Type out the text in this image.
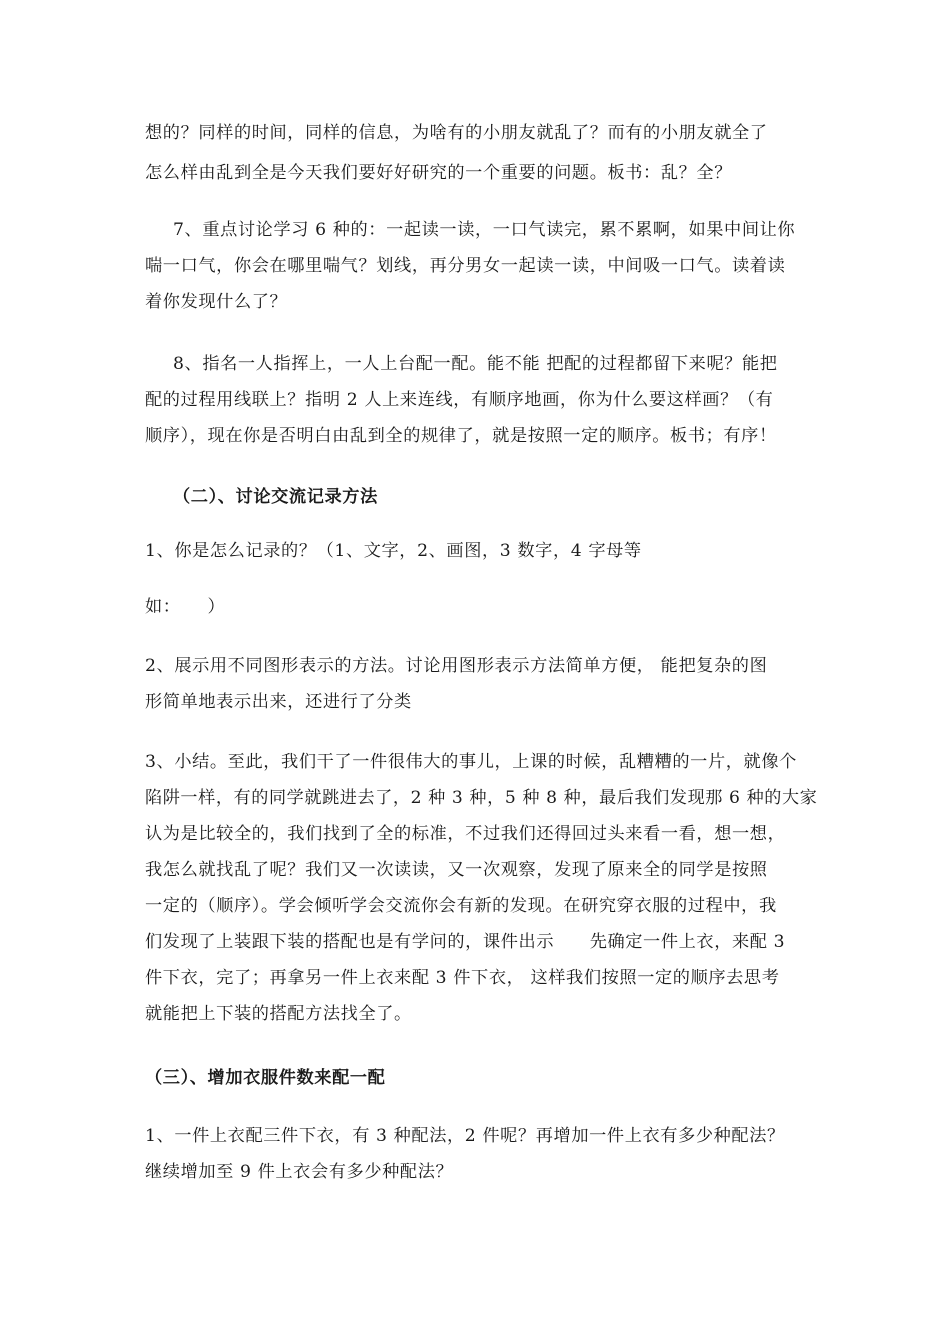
想的？同样的时间，同样的信息，为啥有的小朋友就乱了？而有的小朋友就全了
怎么样由乱到全是今天我们要好好研究的一个重要的问题。板书：乱？全？
7、重点讨论学习 6 种的：一起读一读，一口气读完，累不累啊，如果中间让你
喘一口气，你会在哪里喘气？划线，再分男女一起读一读，中间吸一口气。读着读
着你发现什么了？
8、指名一人指挥上，一人上台配一配。能不能 把配的过程都留下来呢？能把
配的过程用线联上？指明 2 人上来连线，有顺序地画，你为什么要这样画？（有
顺序），现在你是否明白由乱到全的规律了，就是按照一定的顺序。板书；有序！
（二）、讨论交流记录方法
1、你是怎么记录的？（1、文字，2、画图，3 数字，4 字母等
如：　　）
2、展示用不同图形表示的方法。讨论用图形表示方法简单方便， 能把复杂的图
形简单地表示出来，还进行了分类
3、小结。至此，我们干了一件很伟大的事儿，上课的时候，乱糟糟的一片，就像个
陷阱一样，有的同学就跳进去了，2 种 3 种，5 种 8 种，最后我们发现那 6 种的大家
认为是比较全的，我们找到了全的标准，不过我们还得回过头来看一看，想一想，
我怎么就找乱了呢？我们又一次读读，又一次观察，发现了原来全的同学是按照
一定的（顺序）。学会倾听学会交流你会有新的发现。在研究穿衣服的过程中，我
们发现了上装跟下装的搭配也是有学问的，课件出示　　先确定一件上衣，来配 3
件下衣，完了；再拿另一件上衣来配 3 件下衣， 这样我们按照一定的顺序去思考
就能把上下装的搭配方法找全了。
（三）、增加衣服件数来配一配
1、一件上衣配三件下衣，有 3 种配法，2 件呢？再增加一件上衣有多少种配法？
继续增加至 9 件上衣会有多少种配法？
